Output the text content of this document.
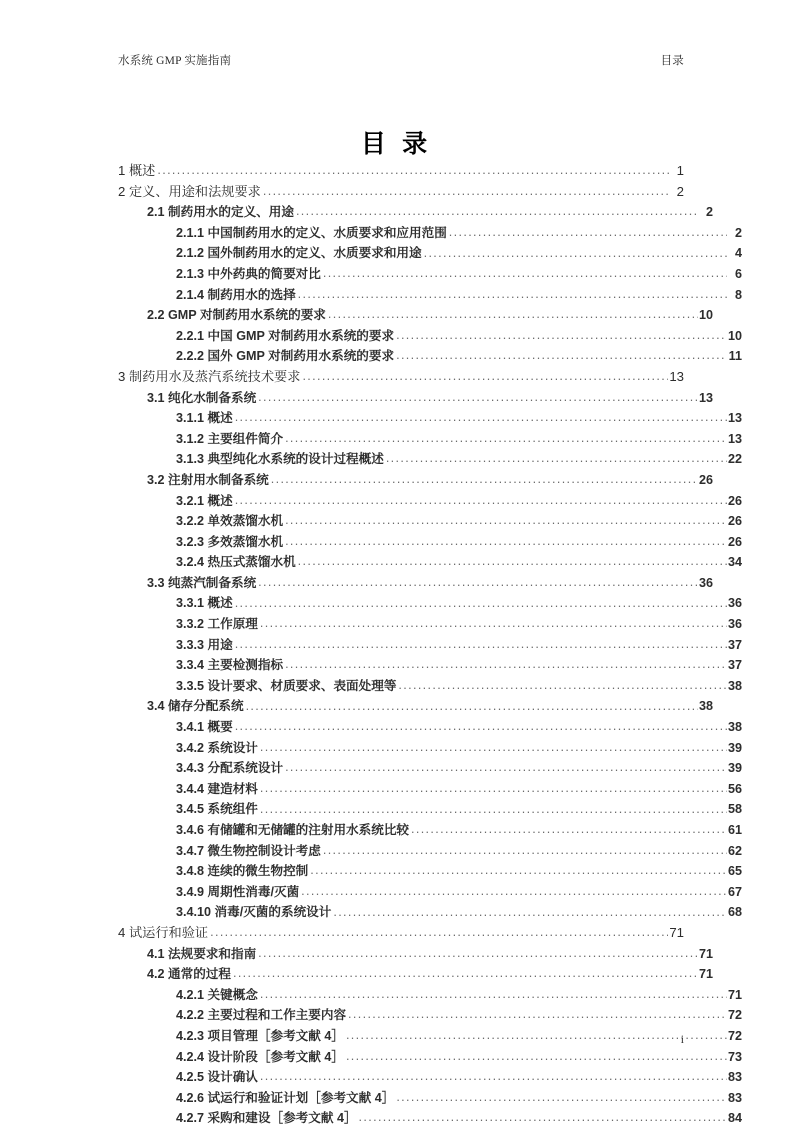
水系统 GMP 实施指南	目录
目 录
1 概述 .....	1
2 定义、用途和法规要求 .....	2
2.1 制药用水的定义、用途 .....	2
2.1.1 中国制药用水的定义、水质要求和应用范围 .....	2
2.1.2 国外制药用水的定义、水质要求和用途 .....	4
2.1.3 中外药典的简要对比 .....	6
2.1.4 制药用水的选择 .....	8
2.2 GMP 对制药用水系统的要求 .....	10
2.2.1 中国 GMP 对制药用水系统的要求 .....	10
2.2.2 国外 GMP 对制药用水系统的要求 .....	11
3 制药用水及蒸汽系统技术要求 .....	13
3.1 纯化水制备系统 .....	13
3.1.1 概述 .....	13
3.1.2 主要组件简介 .....	13
3.1.3 典型纯化水系统的设计过程概述 .....	22
3.2 注射用水制备系统 .....	26
3.2.1 概述 .....	26
3.2.2 单效蒸馏水机 .....	26
3.2.3 多效蒸馏水机 .....	26
3.2.4 热压式蒸馏水机 .....	34
3.3 纯蒸汽制备系统 .....	36
3.3.1 概述 .....	36
3.3.2 工作原理 .....	36
3.3.3 用途 .....	37
3.3.4 主要检测指标 .....	37
3.3.5 设计要求、材质要求、表面处理等 .....	38
3.4 储存分配系统 .....	38
3.4.1 概要 .....	38
3.4.2 系统设计 .....	39
3.4.3 分配系统设计 .....	39
3.4.4 建造材料 .....	56
3.4.5 系统组件 .....	58
3.4.6 有储罐和无储罐的注射用水系统比较 .....	61
3.4.7 微生物控制设计考虑 .....	62
3.4.8 连续的微生物控制 .....	65
3.4.9 周期性消毒/灭菌 .....	67
3.4.10 消毒/灭菌的系统设计 .....	68
4 试运行和验证 .....	71
4.1 法规要求和指南 .....	71
4.2 通常的过程 .....	71
4.2.1 关键概念 .....	71
4.2.2 主要过程和工作主要内容 .....	72
4.2.3 项目管理［参考文献 4］ .....	72
4.2.4 设计阶段［参考文献 4］ .....	73
4.2.5 设计确认 .....	83
4.2.6 试运行和验证计划［参考文献 4］ .....	83
4.2.7 采购和建设［参考文献 4］ .....	84
i
